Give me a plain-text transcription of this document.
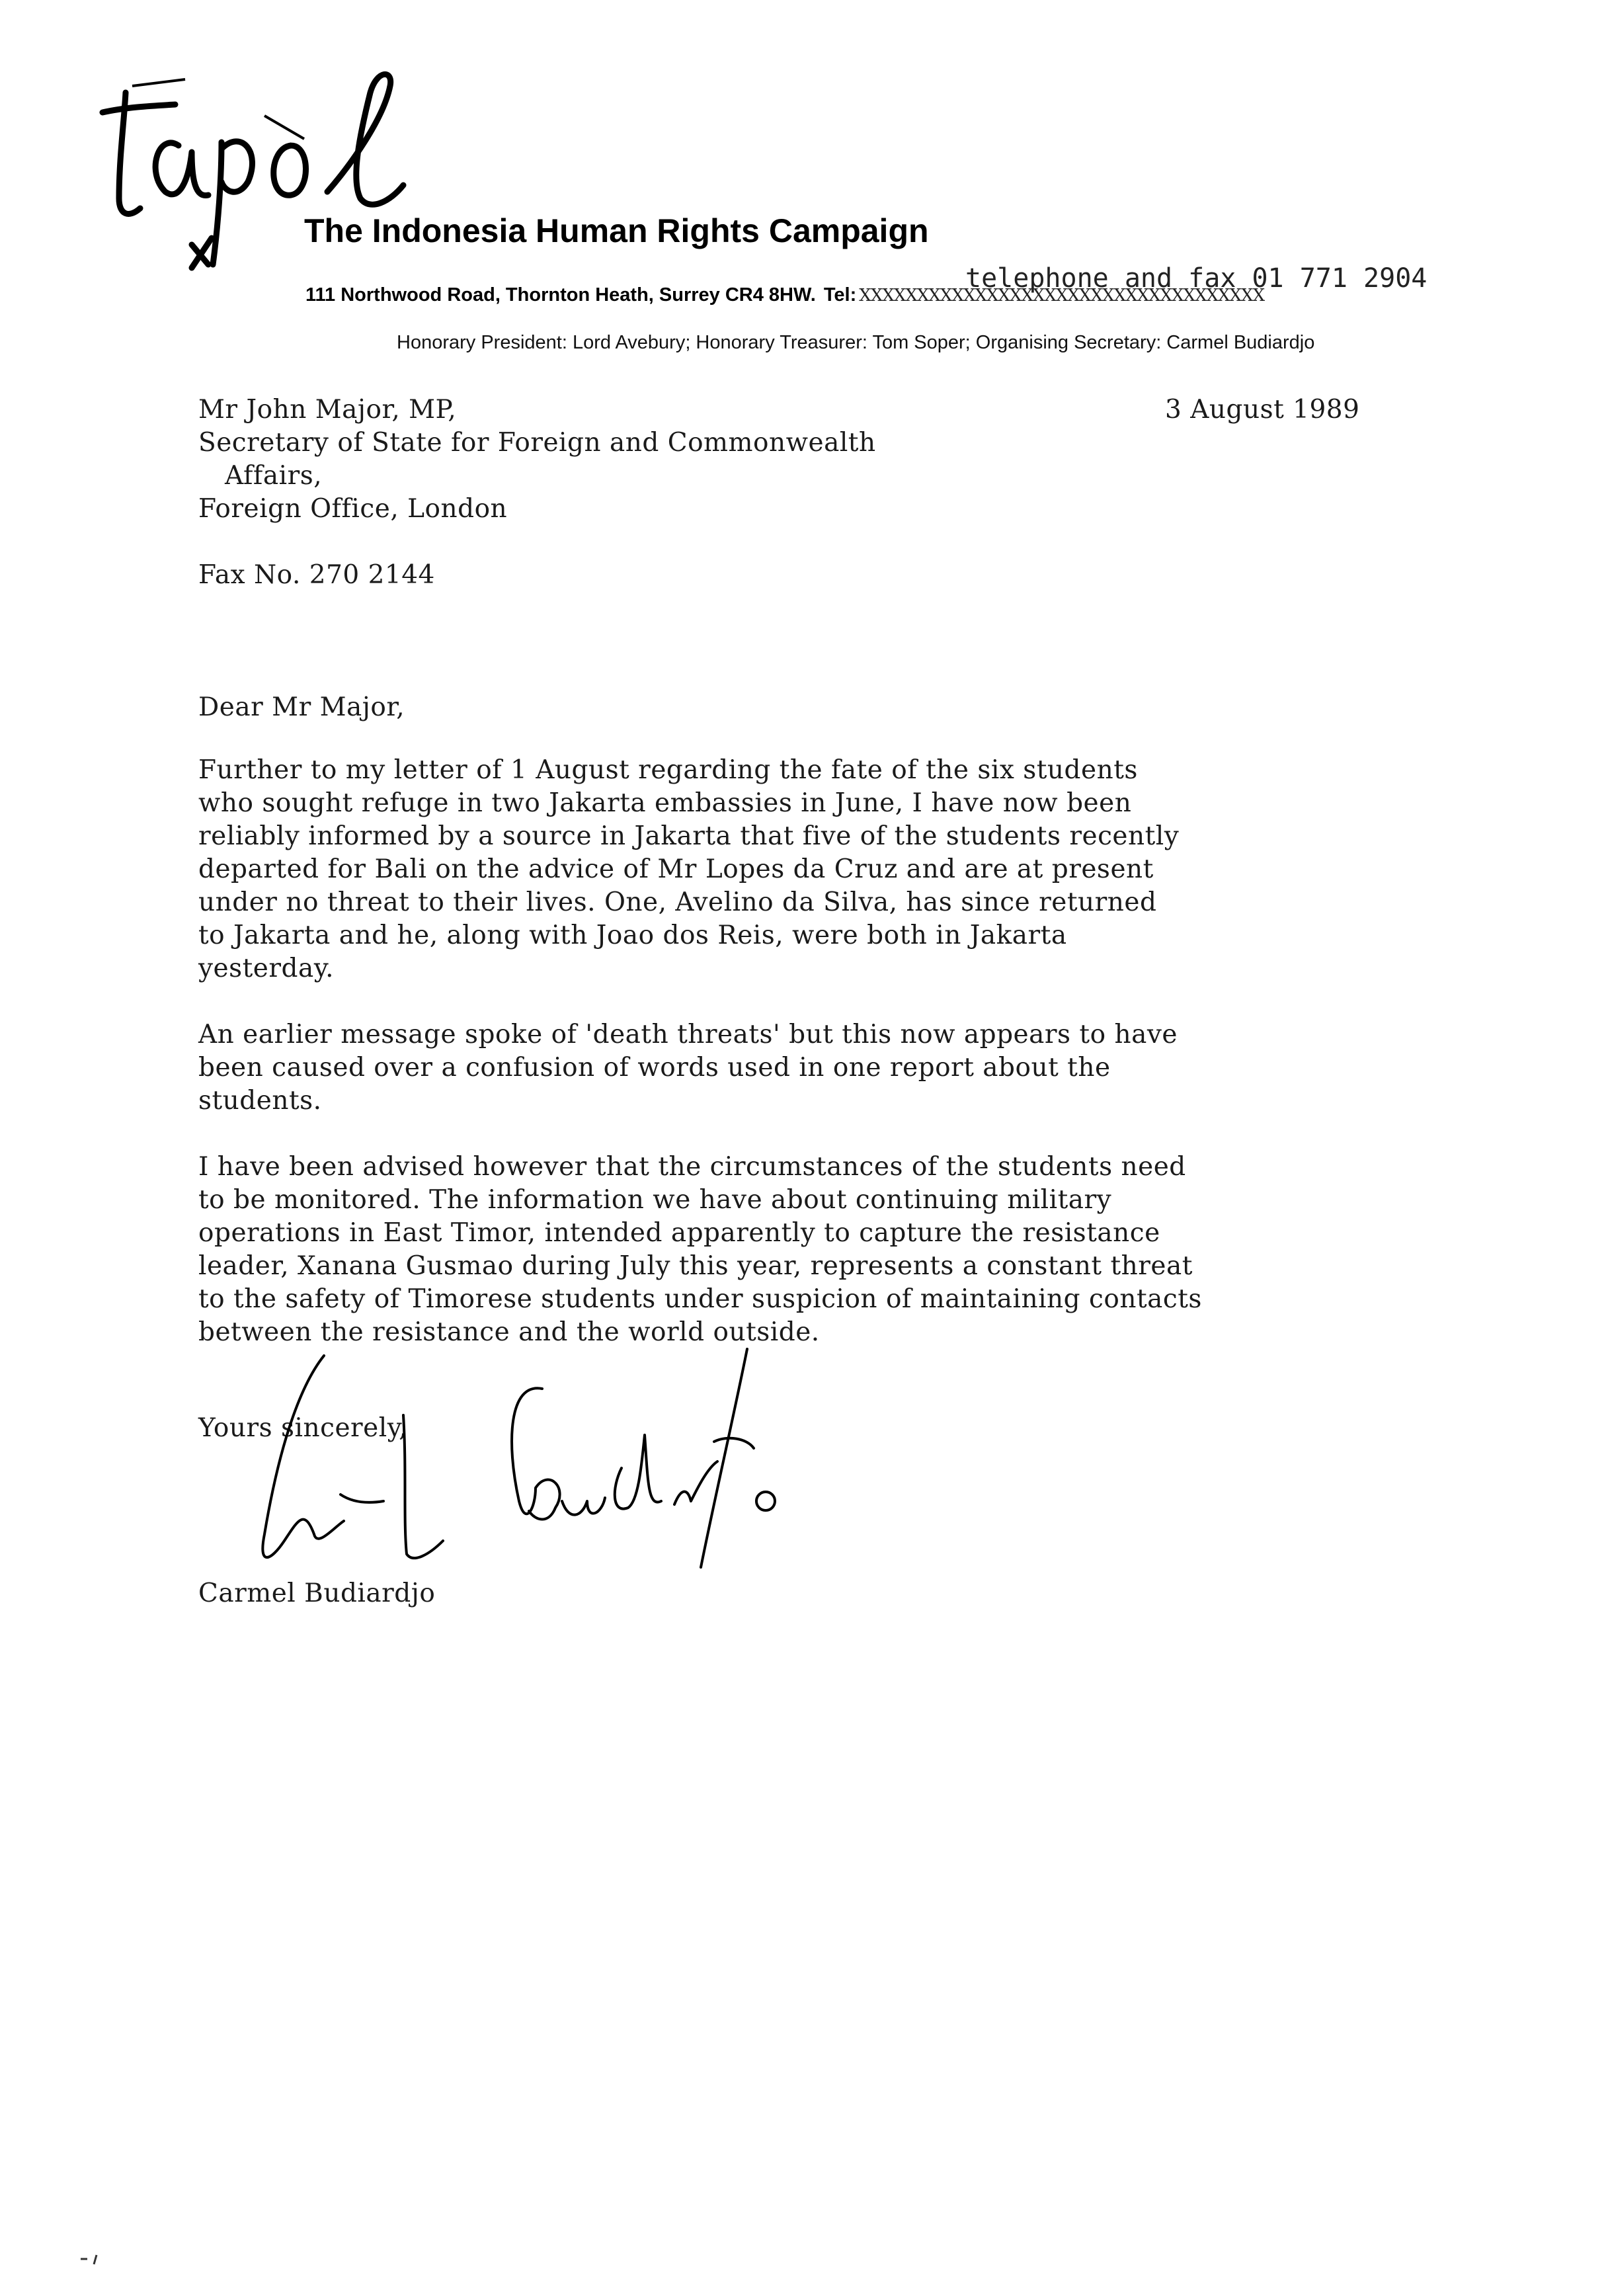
The Indonesia Human Rights Campaign
telephone and fax 01 771 2904
111 Northwood Road, Thornton Heath, Surrey CR4 8HW. Tel: XXXXXXXXXXXXXXXXXXXXXXXXXXXXXXXXXXX
Honorary President: Lord Avebury; Honorary Treasurer: Tom Soper; Organising Secretary: Carmel Budiardjo
Mr John Major, MP,
Secretary of State for Foreign and Commonwealth
Affairs,
Foreign Office, London
3 August 1989
Fax No. 270 2144
Dear Mr Major,
Further to my letter of 1 August regarding the fate of the six students
who sought refuge in two Jakarta embassies in June, I have now been
reliably informed by a source in Jakarta that five of the students recently
departed for Bali on the advice of Mr Lopes da Cruz and are at present
under no threat to their lives. One, Avelino da Silva, has since returned
to Jakarta and he, along with Joao dos Reis, were both in Jakarta
yesterday.
An earlier message spoke of 'death threats' but this now appears to have
been caused over a confusion of words used in one report about the
students.
I have been advised however that the circumstances of the students need
to be monitored. The information we have about continuing military
operations in East Timor, intended apparently to capture the resistance
leader, Xanana Gusmao during July this year, represents a constant threat
to the safety of Timorese students under suspicion of maintaining contacts
between the resistance and the world outside.
Yours sincerely,
Carmel Budiardjo
